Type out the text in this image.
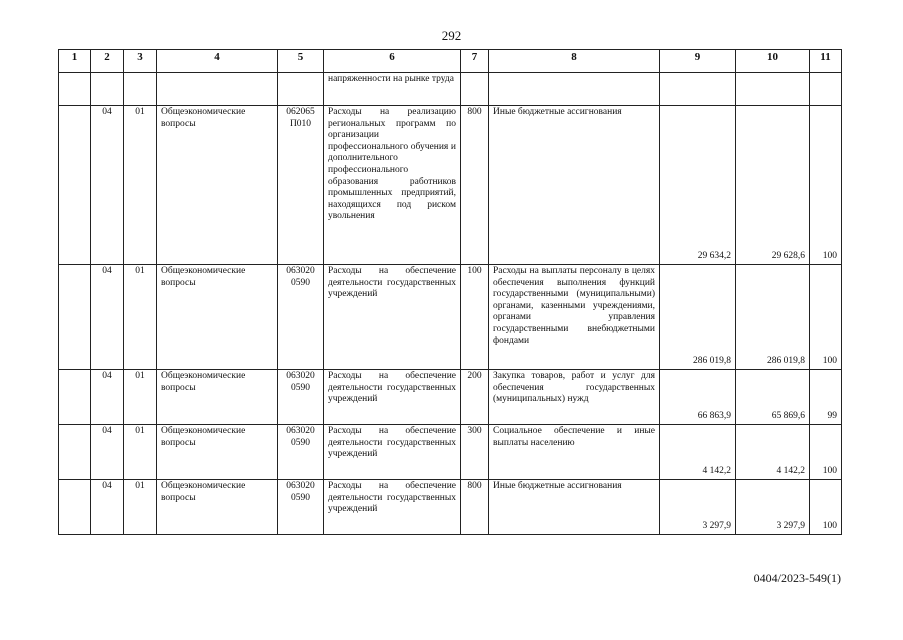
292
1	2	3	4	5	6	7	8	9	10	11
					напряженности на рынке труда					
	04	01	Общеэкономические вопросы	062065 П010	Расходы на реализацию региональных программ по организации профессионального обучения и дополнительного профессионального образования работников промышленных предприятий, находящихся под риском увольнения	800	Иные бюджетные ассигнования	29 634,2	29 628,6	100
	04	01	Общеэкономические вопросы	063020 0590	Расходы на обеспечение деятельности государственных учреждений	100	Расходы на выплаты персоналу в целях обеспечения выполнения функций государственными (муниципальными) органами, казенными учреждениями, органами управления государственными внебюджетными фондами	286 019,8	286 019,8	100
	04	01	Общеэкономические вопросы	063020 0590	Расходы на обеспечение деятельности государственных учреждений	200	Закупка товаров, работ и услуг для обеспечения государственных (муниципальных) нужд	66 863,9	65 869,6	99
	04	01	Общеэкономические вопросы	063020 0590	Расходы на обеспечение деятельности государственных учреждений	300	Социальное обеспечение и иные выплаты населению	4 142,2	4 142,2	100
	04	01	Общеэкономические вопросы	063020 0590	Расходы на обеспечение деятельности государственных учреждений	800	Иные бюджетные ассигнования	3 297,9	3 297,9	100
0404/2023-549(1)
